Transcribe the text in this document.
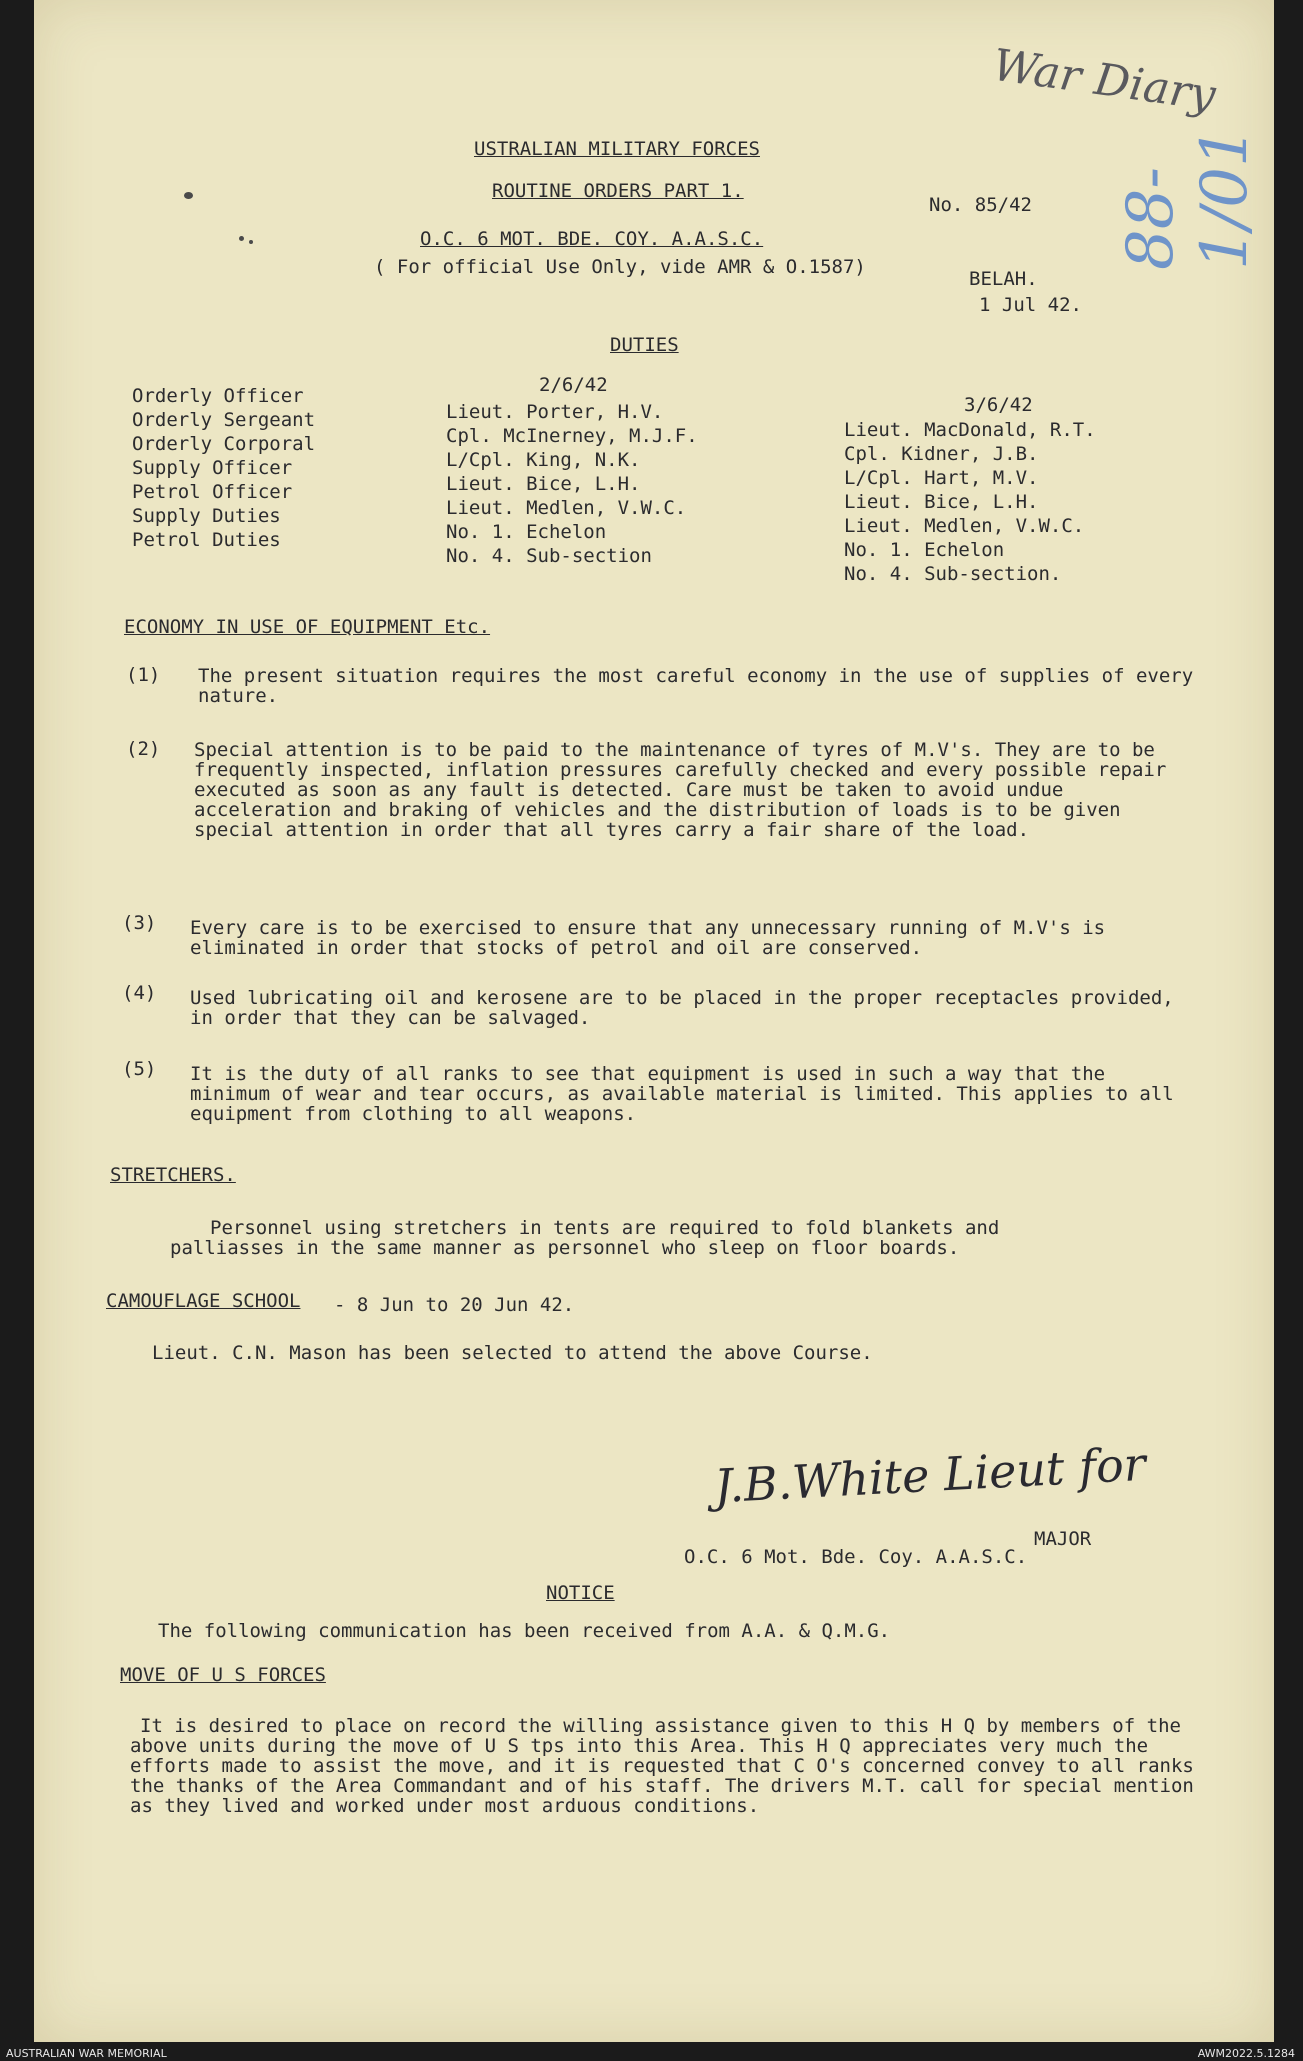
War Diary
88-1/01
USTRALIAN MILITARY FORCES
ROUTINE ORDERS PART 1.
No. 85/42
O.C. 6 MOT. BDE. COY. A.A.S.C.
( For official Use Only, vide AMR & O.1587)
BELAH.
1 Jul 42.
DUTIES
2/6/42
3/6/42
Orderly Officer
Orderly Sergeant
Orderly Corporal
Supply Officer
Petrol Officer
Supply Duties
Petrol Duties
Lieut. Porter, H.V.
Cpl. McInerney, M.J.F.
L/Cpl. King, N.K.
Lieut. Bice, L.H.
Lieut. Medlen, V.W.C.
No. 1. Echelon
No. 4. Sub-section
Lieut. MacDonald, R.T.
Cpl. Kidner, J.B.
L/Cpl. Hart, M.V.
Lieut. Bice, L.H.
Lieut. Medlen, V.W.C.
No. 1. Echelon
No. 4. Sub-section.
ECONOMY IN USE OF EQUIPMENT Etc.
(1) The present situation requires the most careful economy in the use of supplies of every nature.
(2) Special attention is to be paid to the maintenance of tyres of M.V's. They are to be frequently inspected, inflation pressures carefully checked and every possible repair executed as soon as any fault is detected. Care must be taken to avoid undue acceleration and braking of vehicles and the distribution of loads is to be given special attention in order that all tyres carry a fair share of the load.
(3) Every care is to be exercised to ensure that any unnecessary running of M.V's is eliminated in order that stocks of petrol and oil are conserved.
(4) Used lubricating oil and kerosene are to be placed in the proper receptacles provided, in order that they can be salvaged.
(5) It is the duty of all ranks to see that equipment is used in such a way that the minimum of wear and tear occurs, as available material is limited. This applies to all equipment from clothing to all weapons.
STRETCHERS.
Personnel using stretchers in tents are required to fold blankets and palliasses in the same manner as personnel who sleep on floor boards.
CAMOUFLAGE SCHOOL - 8 Jun to 20 Jun 42.
Lieut. C.N. Mason has been selected to attend the above Course.
J.B.White Lieut for
MAJOR
O.C. 6 Mot. Bde. Coy. A.A.S.C.
NOTICE
The following communication has been received from A.A. & Q.M.G.
MOVE OF U S FORCES
It is desired to place on record the willing assistance given to this H Q by members of the above units during the move of U S tps into this Area. This H Q appreciates very much the efforts made to assist the move, and it is requested that C O's concerned convey to all ranks the thanks of the Area Commandant and of his staff. The drivers M.T. call for special mention as they lived and worked under most arduous conditions.
AUSTRALIAN WAR MEMORIAL	AWM2022.5.1284
